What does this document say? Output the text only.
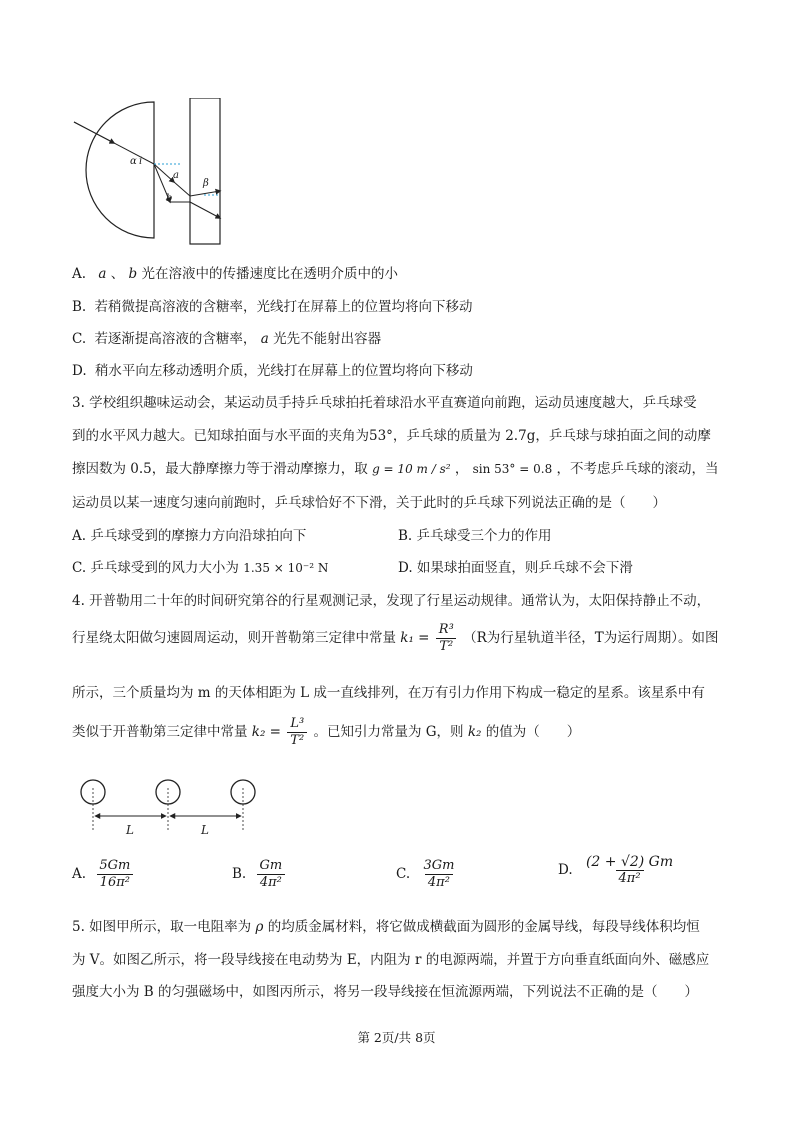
α i
a
b
β
A. a 、 b 光在溶液中的传播速度比在透明介质中的小
B. 若稍微提高溶液的含糖率，光线打在屏幕上的位置均将向下移动
C. 若逐渐提高溶液的含糖率， a 光先不能射出容器
D. 稍水平向左移动透明介质，光线打在屏幕上的位置均将向下移动
3. 学校组织趣味运动会，某运动员手持乒乓球拍托着球沿水平直赛道向前跑，运动员速度越大，乒乓球受
到的水平风力越大。已知球拍面与水平面的夹角为53°，乒乓球的质量为 2.7g，乒乓球与球拍面之间的动摩
擦因数为 0.5，最大静摩擦力等于滑动摩擦力，取 g = 10 m / s² ， sin 53° = 0.8 ，不考虑乒乓球的滚动，当
运动员以某一速度匀速向前跑时，乒乓球恰好不下滑，关于此时的乒乓球下列说法正确的是（　　）
A. 乒乓球受到的摩擦力方向沿球拍向下	B. 乒乓球受三个力的作用
C. 乒乓球受到的风力大小为 1.35 × 10⁻² N	D. 如果球拍面竖直，则乒乓球不会下滑
4. 开普勒用二十年的时间研究第谷的行星观测记录，发现了行星运动规律。通常认为，太阳保持静止不动，
行星绕太阳做匀速圆周运动，则开普勒第三定律中常量 $k_1 = \frac{\text{R³}}{\text{T²}} (R$为行星轨道半径，T为运行周期）。如图
所示，三个质量均为 m 的天体相距为 L 成一直线排列，在万有引力作用下构成一稳定的星系。该星系中有
类似于开普勒第三定律中常量 $k_2 = \frac{\text{L³}}{\text{T²}}$ 。已知引力常量为 G，则 k₂ 的值为（　　）
L	L
A. $\frac{5Gm}{\text{16π²}}$	B. $\frac{Gm}{\text{4π²}}$	C. $\frac{3Gm}{\text{4π²}}$	D. $\frac{(2 + √2) Gm}{\text{4π²}}$
5. 如图甲所示，取一电阻率为 ρ 的均质金属材料，将它做成横截面为圆形的金属导线，每段导线体积均恒
为 V。如图乙所示，将一段导线接在电动势为 E，内阻为 r 的电源两端，并置于方向垂直纸面向外、磁感应
强度大小为 B 的匀强磁场中，如图丙所示，将另一段导线接在恒流源两端，下列说法不正确的是（　　）
第 2页/共 8页
